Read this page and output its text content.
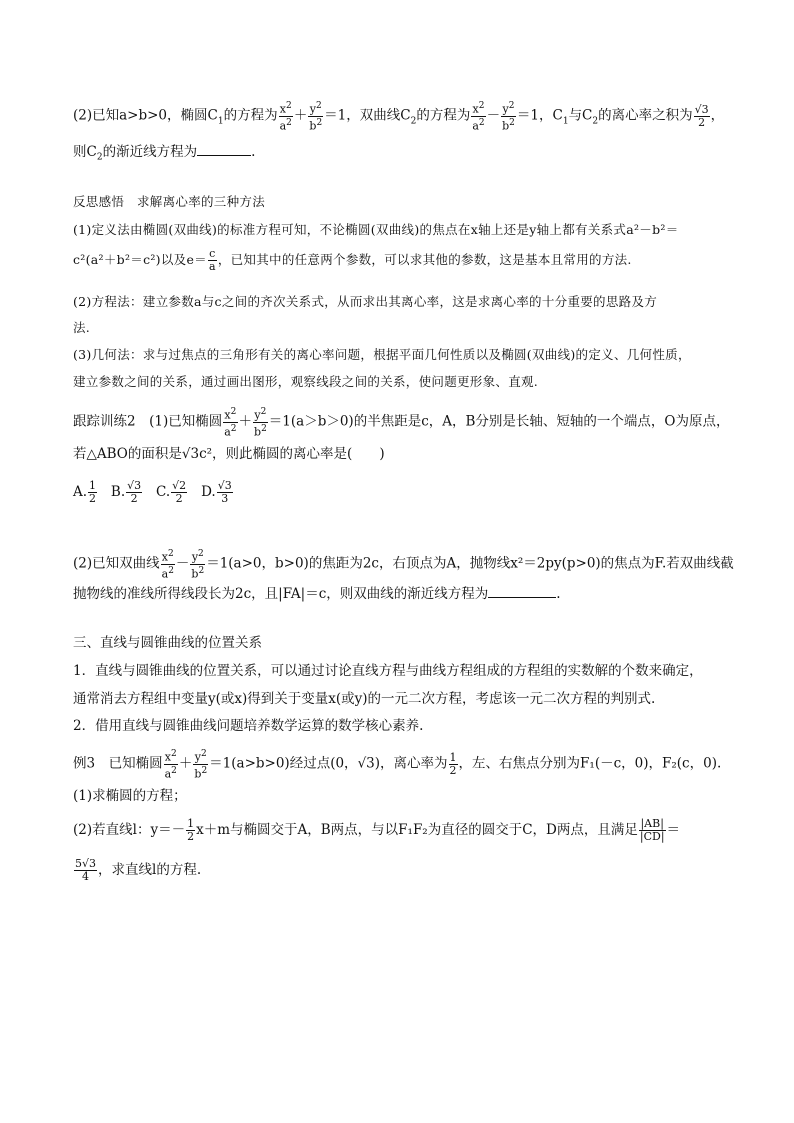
(2)已知a>b>0，椭圆$C_1$的方程为 $\frac{x^2}{a^2} + \frac{y^2}{b^2} =1$，双曲线$C_2$的方程为 $\frac{x^2}{a^2} - \frac{y^2}{b^2} =1$，$C_1$与$C_2$的离心率之积为 $\frac{√3}{2}$ ，
则$C_2$的渐近线方程为	.
反思感悟　求解离心率的三种方法
(1)定义法由椭圆(双曲线)的标准方程可知，不论椭圆(双曲线)的焦点在x轴上还是y轴上都有关系式a²－b²＝
c²(a²＋b²＝c²)以及$e= \frac{c}{a}$ ，已知其中的任意两个参数，可以求其他的参数，这是基本且常用的方法.
(2)方程法：建立参数a与c之间的齐次关系式，从而求出其离心率，这是求离心率的十分重要的思路及方
法.
(3)几何法：求与过焦点的三角形有关的离心率问题，根据平面几何性质以及椭圆(双曲线)的定义、几何性质，
建立参数之间的关系，通过画出图形，观察线段之间的关系，使问题更形象、直观.
跟踪训练2　(1)已知椭圆 $\frac{x^2}{a^2} + \frac{y^2}{b^2} =1(a>b>0)$的半焦距是c，A，B分别是长轴、短轴的一个端点，O为原点，
若△ABO的面积是√3c²，则此椭圆的离心率是(　　)
A. $\frac{1}{2} B$. $\frac{√3}{2} C$. $\frac{√2}{2} D$. $\frac{√3}{3}$
(2)已知双曲线 $\frac{x^2}{a^2} - \frac{y^2}{b^2} =1(a>0$，b>0)的焦距为2c，右顶点为A，抛物线x²＝2py(p>0)的焦点为F.若双曲线截
抛物线的准线所得线段长为2c，且|FA|＝c，则双曲线的渐近线方程为	.
三、直线与圆锥曲线的位置关系
1．直线与圆锥曲线的位置关系，可以通过讨论直线方程与曲线方程组成的方程组的实数解的个数来确定，
通常消去方程组中变量y(或x)得到关于变量x(或y)的一元二次方程，考虑该一元二次方程的判别式.
2．借用直线与圆锥曲线问题培养数学运算的数学核心素养.
例3　已知椭圆 $\frac{x^2}{a^2} + \frac{y^2}{b^2} =1(a>b>0)$经过点(0，√3)，离心率为 $\frac{1}{2}$ ，左、右焦点分别为F₁(－c，0)，F₂(c，0).
(1)求椭圆的方程；
(2)若直线l：$y=- \frac{1}{2} x+m$与椭圆交于A，B两点，与以F₁F₂为直径的圆交于C，D两点，且满足 $\frac{|AB|}{|CD|}$ ＝
$\frac{5√3}{4}$ ，求直线l的方程.
